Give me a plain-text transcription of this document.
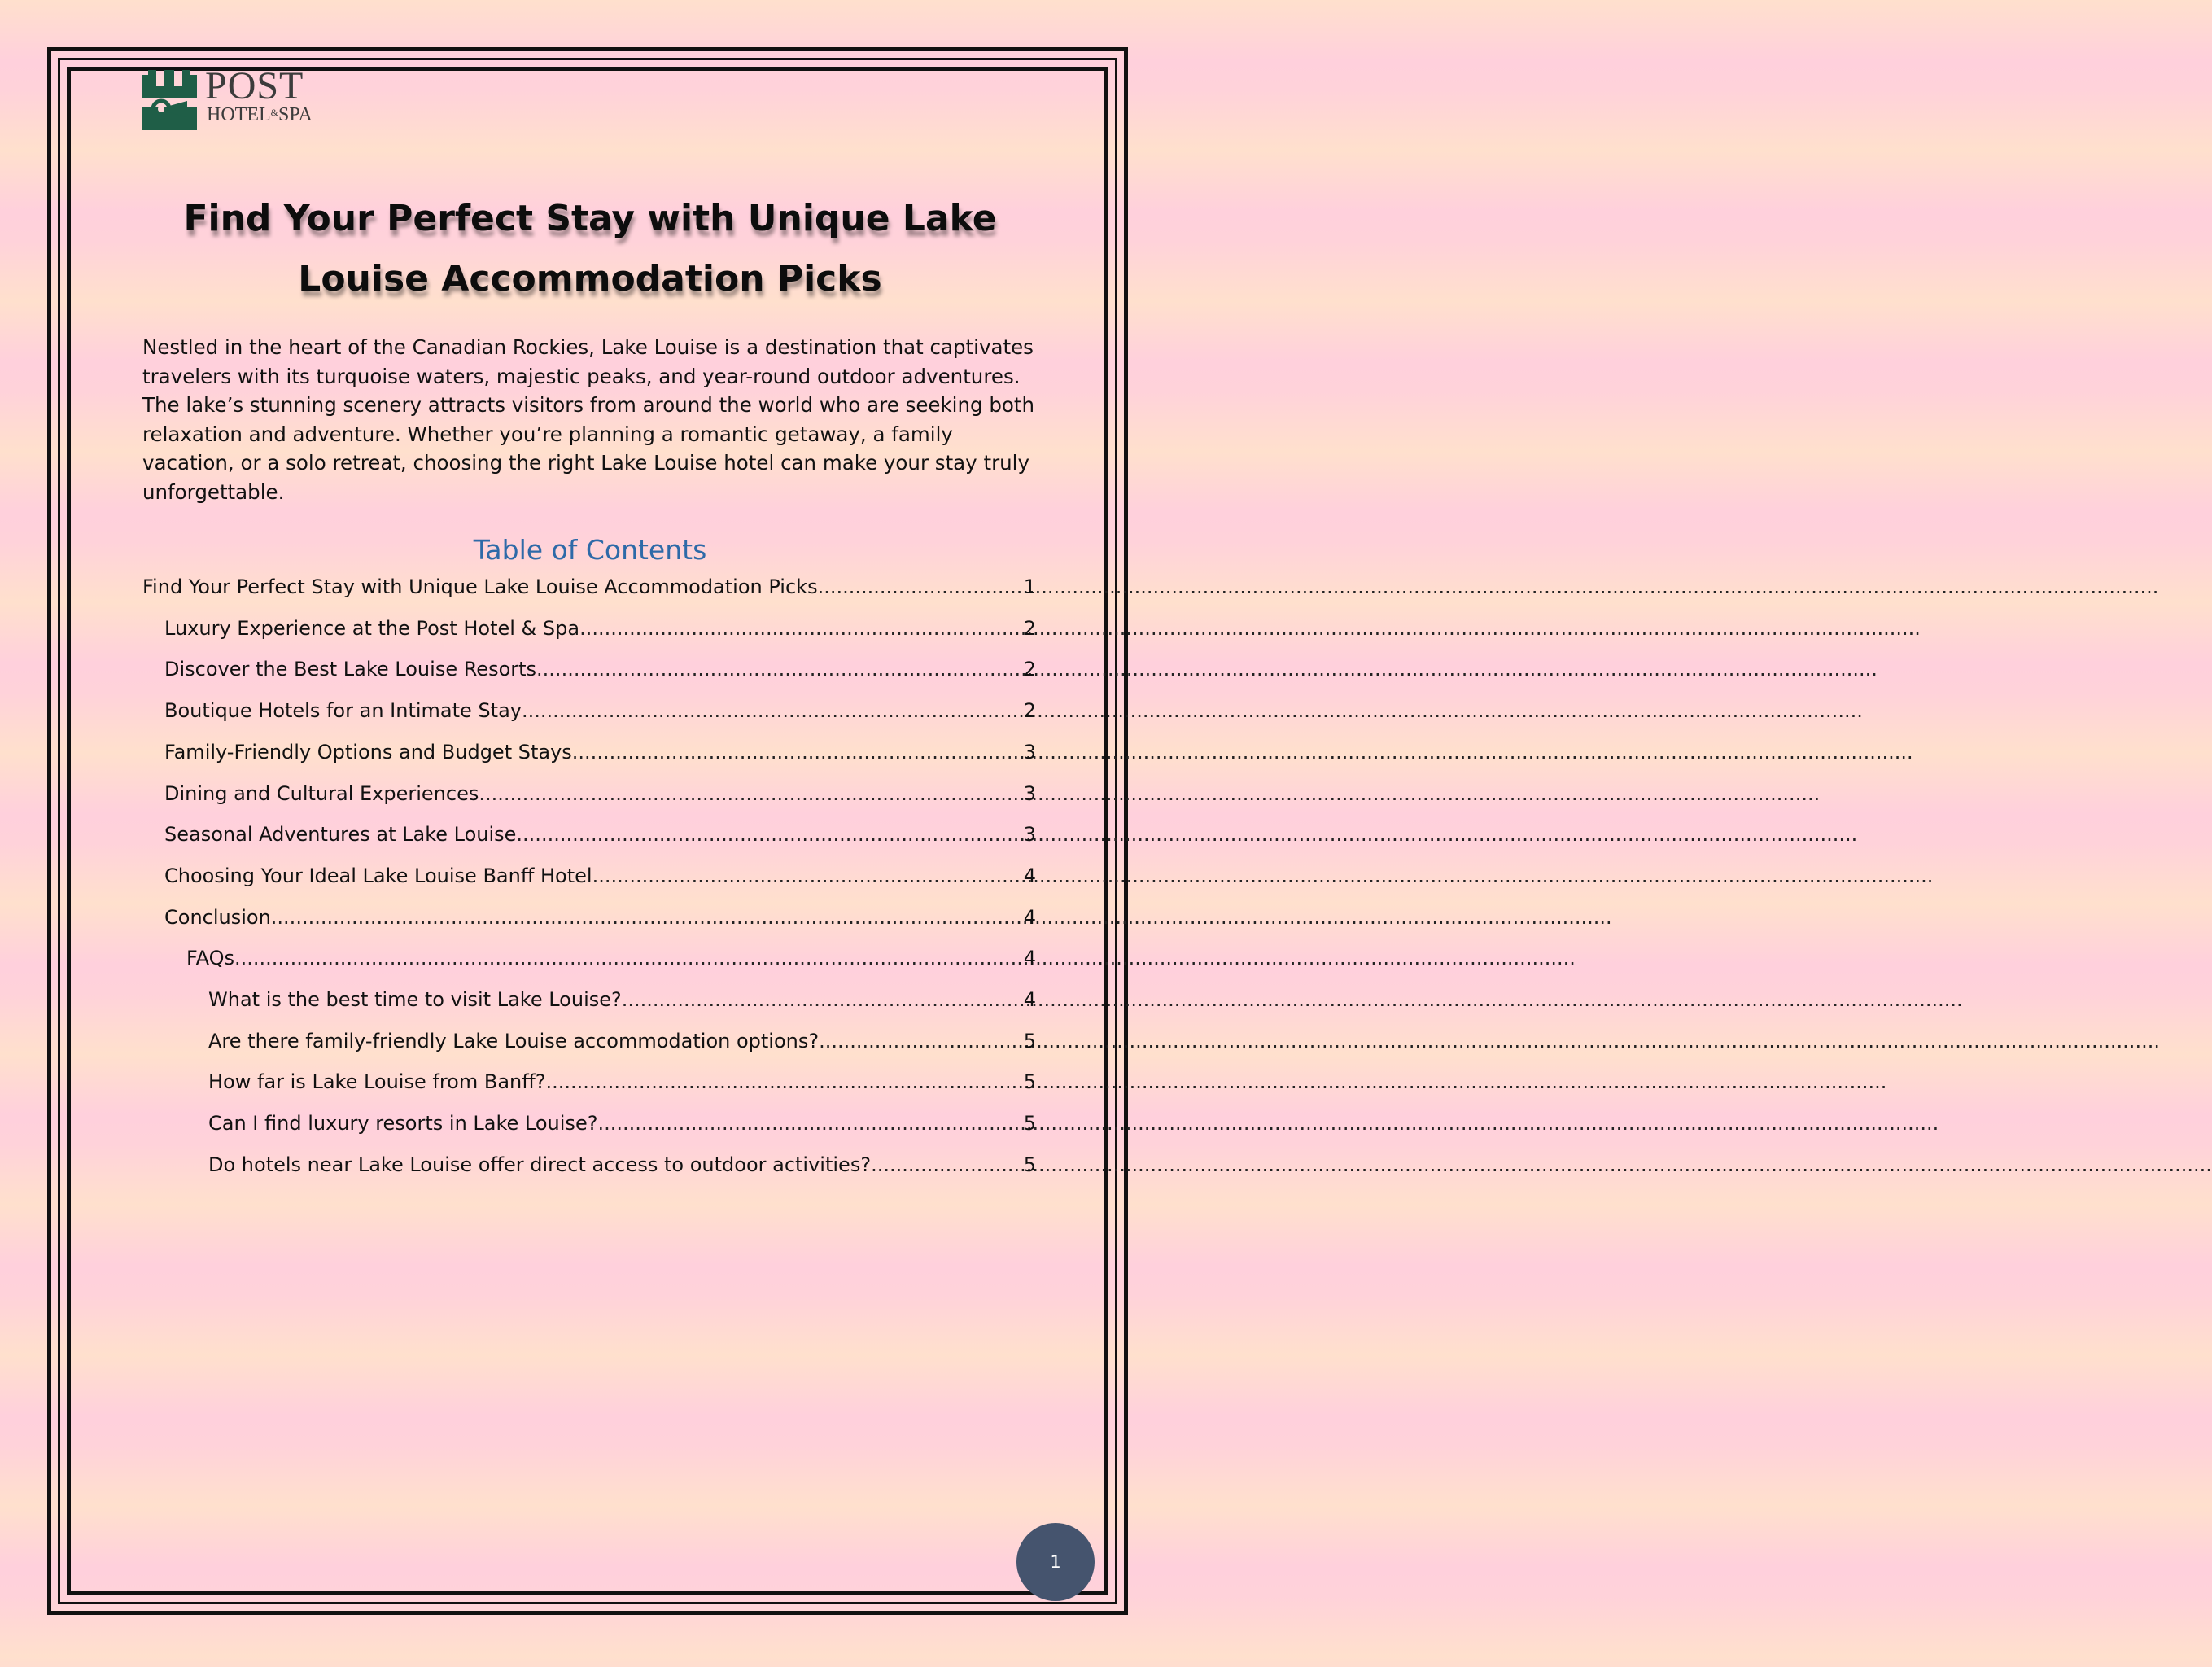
POST
HOTEL&SPA
Find Your Perfect Stay with Unique Lake Louise Accommodation Picks

Nestled in the heart of the Canadian Rockies, Lake Louise is a destination that captivates travelers with its turquoise waters, majestic peaks, and year-round outdoor adventures. The lake’s stunning scenery attracts visitors from around the world who are seeking both relaxation and adventure. Whether you’re planning a romantic getaway, a family vacation, or a solo retreat, choosing the right Lake Louise hotel can make your stay truly unforgettable.

Table of Contents
Find Your Perfect Stay with Unique Lake Louise Accommodation Picks .....	1
Luxury Experience at the Post Hotel & Spa .....	2
Discover the Best Lake Louise Resorts .....	2
Boutique Hotels for an Intimate Stay .....	2
Family-Friendly Options and Budget Stays .....	3
Dining and Cultural Experiences .....	3
Seasonal Adventures at Lake Louise .....	3
Choosing Your Ideal Lake Louise Banff Hotel .....	4
Conclusion .....	4
FAQs .....	4
What is the best time to visit Lake Louise? .....	4
Are there family-friendly Lake Louise accommodation options? .....	5
How far is Lake Louise from Banff? .....	5
Can I find luxury resorts in Lake Louise? .....	5
Do hotels near Lake Louise offer direct access to outdoor activities? .....	5
1
